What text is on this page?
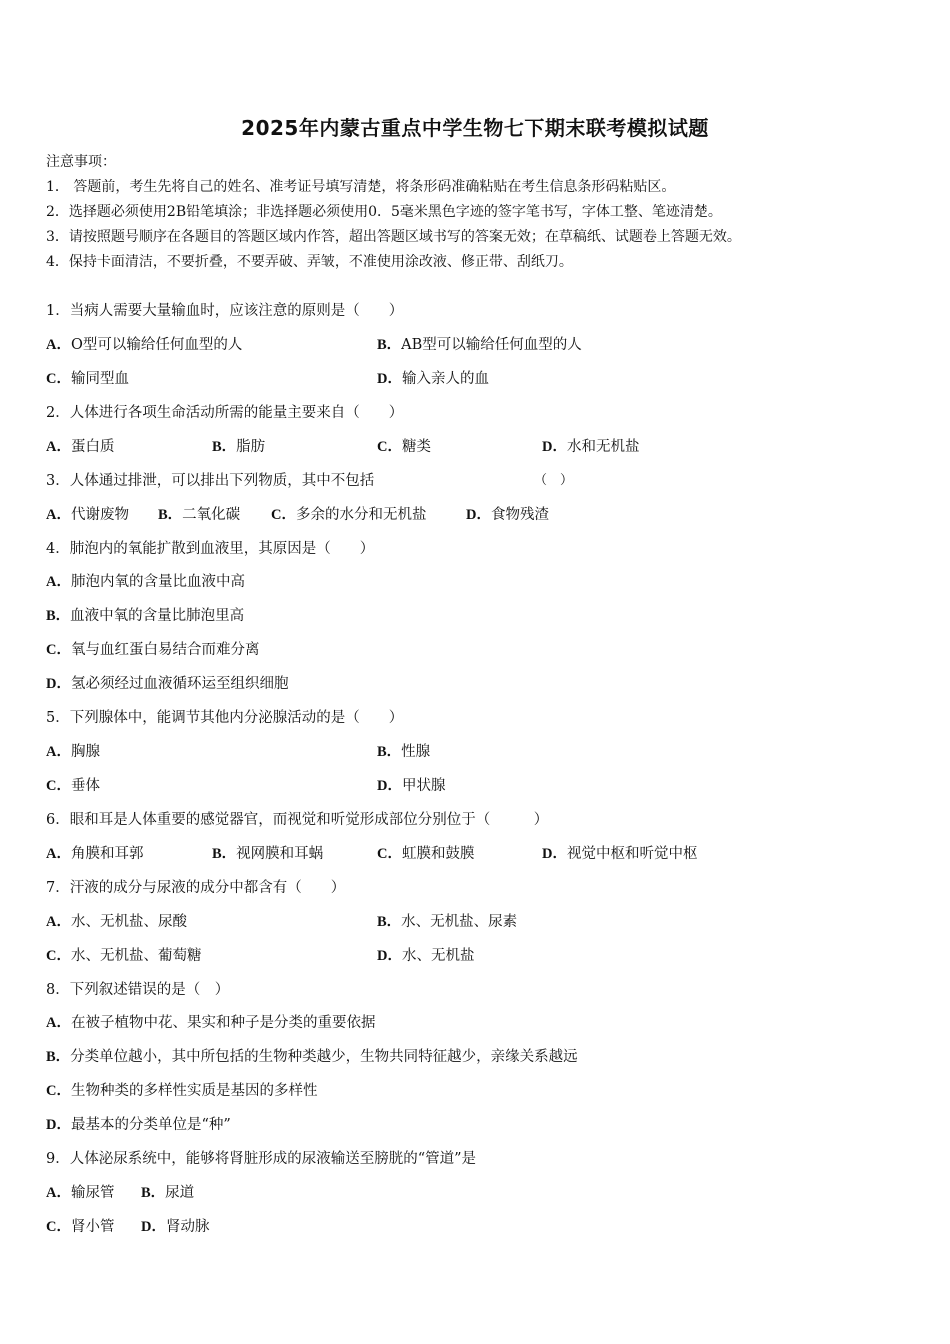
2025年内蒙古重点中学生物七下期末联考模拟试题
注意事项：
1． 答题前，考生先将自己的姓名、准考证号填写清楚，将条形码准确粘贴在考生信息条形码粘贴区。
2．选择题必须使用2B铅笔填涂；非选择题必须使用0．5毫米黑色字迹的签字笔书写，字体工整、笔迹清楚。
3．请按照题号顺序在各题目的答题区域内作答，超出答题区域书写的答案无效；在草稿纸、试题卷上答题无效。
4．保持卡面清洁，不要折叠，不要弄破、弄皱，不准使用涂改液、修正带、刮纸刀。
1．当病人需要大量输血时，应该注意的原则是（　　）
A．O型可以输给任何血型的人	B．AB型可以输给任何血型的人
C．输同型血	D．输入亲人的血
2．人体进行各项生命活动所需的能量主要来自（　　）
A．蛋白质	B．脂肪	C．糖类	D．水和无机盐
3．人体通过排泄，可以排出下列物质，其中不包括	（　）
A．代谢废物 B．二氧化碳 C．多余的水分和无机盐	D．食物残渣
4．肺泡内的氧能扩散到血液里，其原因是（　　）
A．肺泡内氧的含量比血液中高
B．血液中氧的含量比肺泡里高
C．氧与血红蛋白易结合而难分离
D．氢必须经过血液循环运至组织细胞
5．下列腺体中，能调节其他内分泌腺活动的是（　　）
A．胸腺	B．性腺
C．垂体	D．甲状腺
6．眼和耳是人体重要的感觉器官，而视觉和听觉形成部位分别位于（　　　）
A．角膜和耳郭	B．视网膜和耳蜗	C．虹膜和鼓膜	D．视觉中枢和听觉中枢
7．汗液的成分与尿液的成分中都含有（　　）
A．水、无机盐、尿酸	B．水、无机盐、尿素
C．水、无机盐、葡萄糖	D．水、无机盐
8．下列叙述错误的是（　）
A．在被子植物中花、果实和种子是分类的重要依据
B．分类单位越小，其中所包括的生物种类越少，生物共同特征越少，亲缘关系越远
C．生物种类的多样性实质是基因的多样性
D．最基本的分类单位是“种”
9．人体泌尿系统中，能够将肾脏形成的尿液输送至膀胱的“管道”是
A．输尿管 B．尿道
C．肾小管 D．肾动脉
